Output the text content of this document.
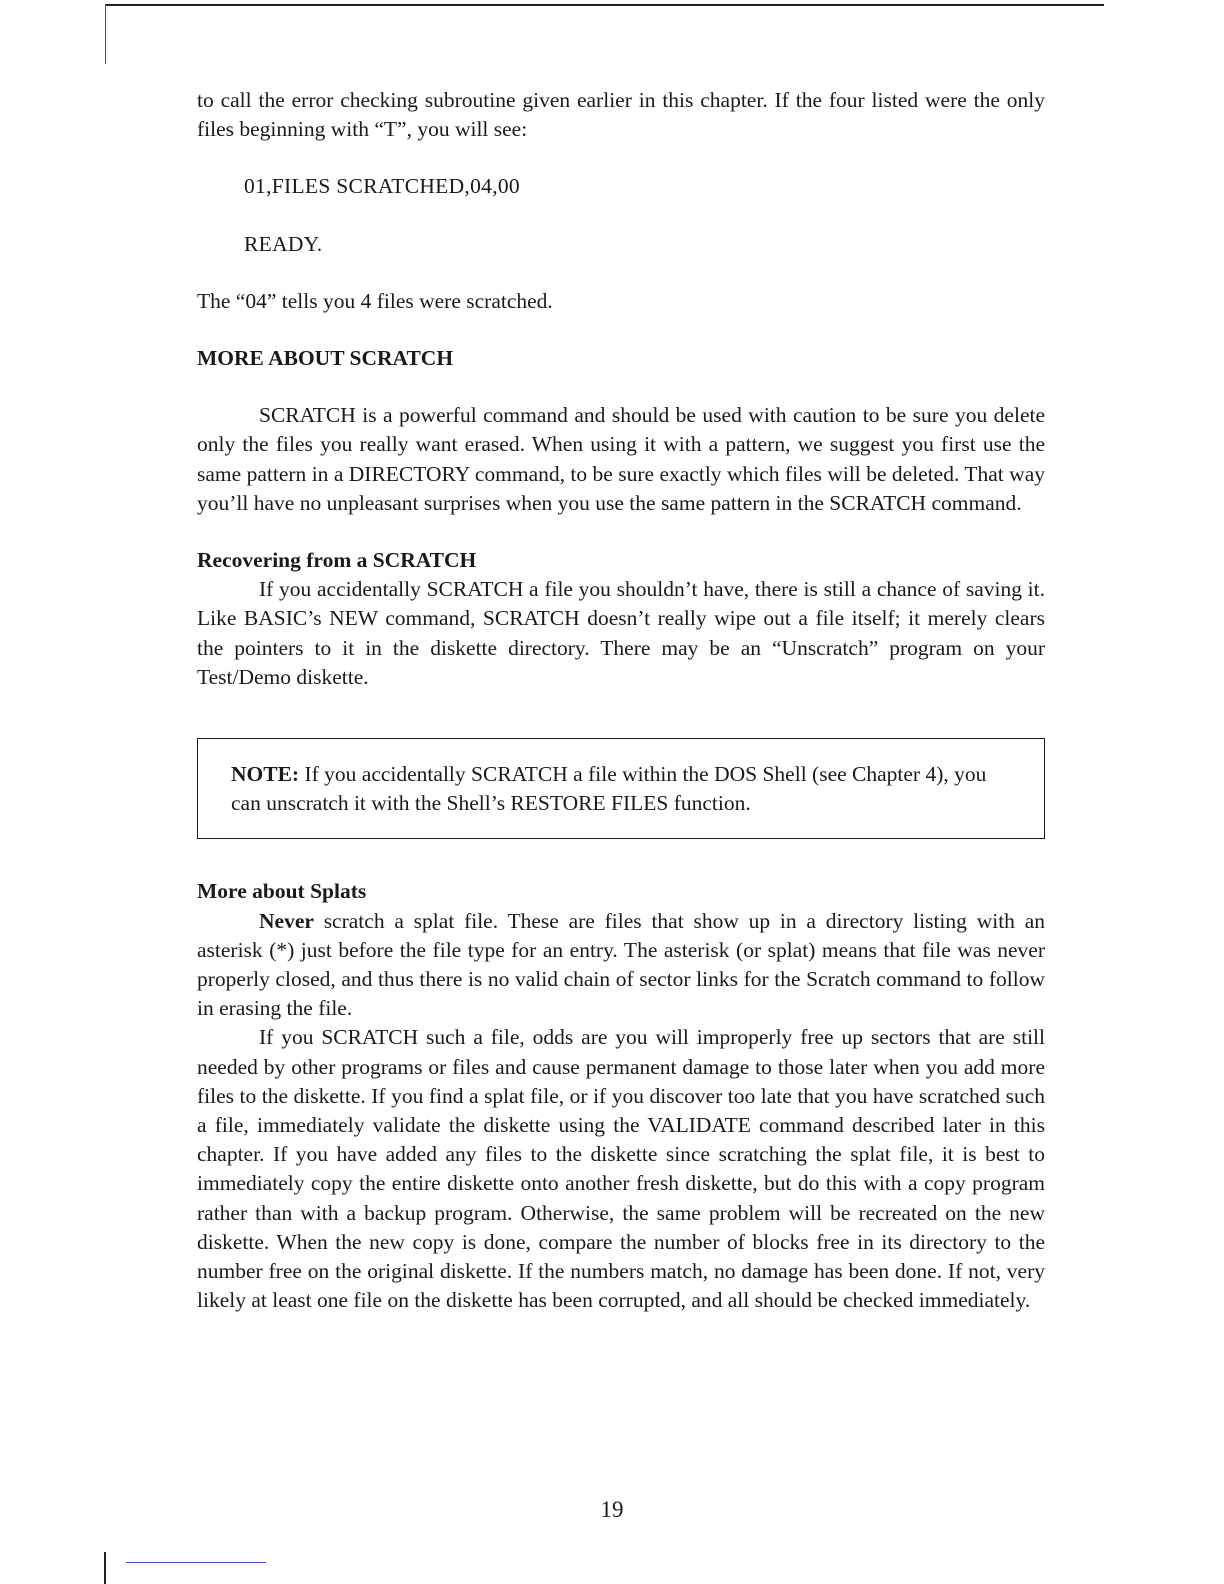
to call the error checking subroutine given earlier in this chapter. If the four listed were the only files beginning with “T”, you will see:

01,FILES SCRATCHED,04,00

READY.

The “04” tells you 4 files were scratched.

MORE ABOUT SCRATCH

SCRATCH is a powerful command and should be used with caution to be sure you delete only the files you really want erased. When using it with a pattern, we suggest you first use the same pattern in a DIRECTORY command, to be sure exactly which files will be deleted. That way you’ll have no unpleasant surprises when you use the same pattern in the SCRATCH command.

Recovering from a SCRATCH

If you accidentally SCRATCH a file you shouldn’t have, there is still a chance of saving it. Like BASIC’s NEW command, SCRATCH doesn’t really wipe out a file itself; it merely clears the pointers to it in the diskette directory. There may be an “Unscratch” program on your Test/Demo diskette.

NOTE: If you accidentally SCRATCH a file within the DOS Shell (see Chapter 4), you can unscratch it with the Shell’s RESTORE FILES function.

More about Splats

Never scratch a splat file. These are files that show up in a directory listing with an asterisk (*) just before the file type for an entry. The asterisk (or splat) means that file was never properly closed, and thus there is no valid chain of sector links for the Scratch command to follow in erasing the file.

If you SCRATCH such a file, odds are you will improperly free up sectors that are still needed by other programs or files and cause permanent damage to those later when you add more files to the diskette. If you find a splat file, or if you discover too late that you have scratched such a file, immediately validate the diskette using the VALIDATE command described later in this chapter. If you have added any files to the diskette since scratching the splat file, it is best to immediately copy the entire diskette onto another fresh diskette, but do this with a copy program rather than with a backup program. Otherwise, the same problem will be recreated on the new diskette. When the new copy is done, compare the number of blocks free in its directory to the number free on the original diskette. If the numbers match, no damage has been done. If not, very likely at least one file on the diskette has been corrupted, and all should be checked immediately.

19
